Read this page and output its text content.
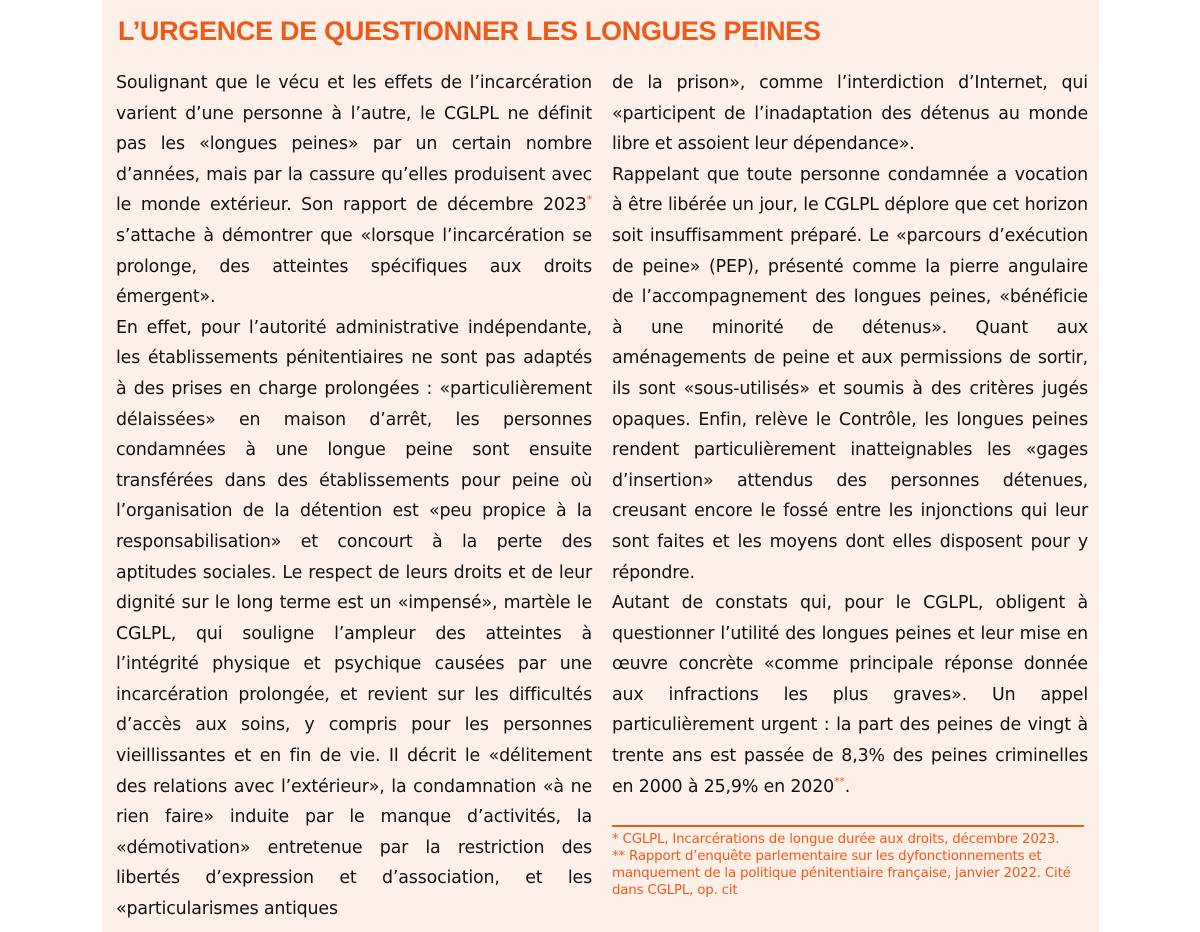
L’URGENCE DE QUESTIONNER LES LONGUES PEINES

Soulignant que le vécu et les effets de l’incarcération varient d’une personne à l’autre, le CGLPL ne définit pas les «longues peines» par un certain nombre d’années, mais par la cassure qu’elles produisent avec le monde extérieur. Son rapport de décembre 2023* s’attache à démontrer que «lorsque l’incarcération se prolonge, des atteintes spécifiques aux droits émergent».

En effet, pour l’autorité administrative indépendante, les établissements pénitentiaires ne sont pas adaptés à des prises en charge prolongées : «particulièrement délaissées» en maison d’arrêt, les personnes condamnées à une longue peine sont ensuite transférées dans des établissements pour peine où l’organisation de la détention est «peu propice à la responsabilisation» et concourt à la perte des aptitudes sociales. Le respect de leurs droits et de leur dignité sur le long terme est un «impensé», martèle le CGLPL, qui souligne l’ampleur des atteintes à l’intégrité physique et psychique causées par une incarcération prolongée, et revient sur les difficultés d’accès aux soins, y compris pour les personnes vieillissantes et en fin de vie. Il décrit le «délitement des relations avec l’extérieur», la condamnation «à ne rien faire» induite par le manque d’activités, la «démotivation» entretenue par la restriction des libertés d’expression et d’association, et les «particularismes antiques

de la prison», comme l’interdiction d’Internet, qui «participent de l’inadaptation des détenus au monde libre et assoient leur dépendance».

Rappelant que toute personne condamnée a vocation à être libérée un jour, le CGLPL déplore que cet horizon soit insuffisamment préparé. Le «parcours d’exécution de peine» (PEP), présenté comme la pierre angulaire de l’accompagnement des longues peines, «bénéficie à une minorité de détenus». Quant aux aménagements de peine et aux permissions de sortir, ils sont «sous-utilisés» et soumis à des critères jugés opaques. Enfin, relève le Contrôle, les longues peines rendent particulièrement inatteignables les «gages d’insertion» attendus des personnes détenues, creusant encore le fossé entre les injonctions qui leur sont faites et les moyens dont elles disposent pour y répondre.

Autant de constats qui, pour le CGLPL, obligent à questionner l’utilité des longues peines et leur mise en œuvre concrète «comme principale réponse donnée aux infractions les plus graves». Un appel particulièrement urgent : la part des peines de vingt à trente ans est passée de 8,3% des peines criminelles en 2000 à 25,9% en 2020**.

* CGLPL, Incarcérations de longue durée aux droits, décembre 2023.

** Rapport d’enquête parlementaire sur les dyfonctionnements et manquement de la politique pénitentiaire française, janvier 2022. Cité dans CGLPL, op. cit
